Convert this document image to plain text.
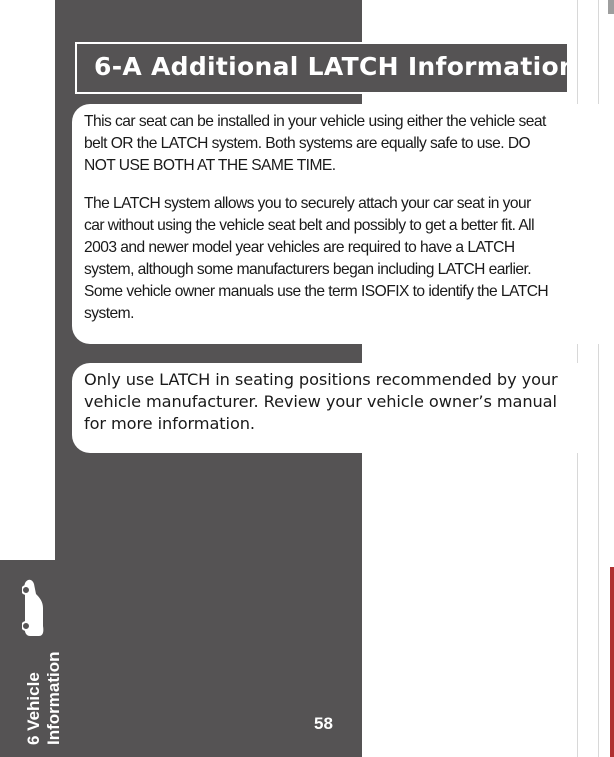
6-A Additional LATCH Information

This car seat can be installed in your vehicle using either the vehicle seat belt OR the LATCH system. Both systems are equally safe to use. DO NOT USE BOTH AT THE SAME TIME.

The LATCH system allows you to securely attach your car seat in your car without using the vehicle seat belt and possibly to get a better fit. All 2003 and newer model year vehicles are required to have a LATCH system, although some manufacturers began including LATCH earlier. Some vehicle owner manuals use the term ISOFIX to identify the LATCH system.

Only use LATCH in seating positions recommended by your vehicle manufacturer. Review your vehicle owner’s manual for more information.

6 Vehicle Information	58
